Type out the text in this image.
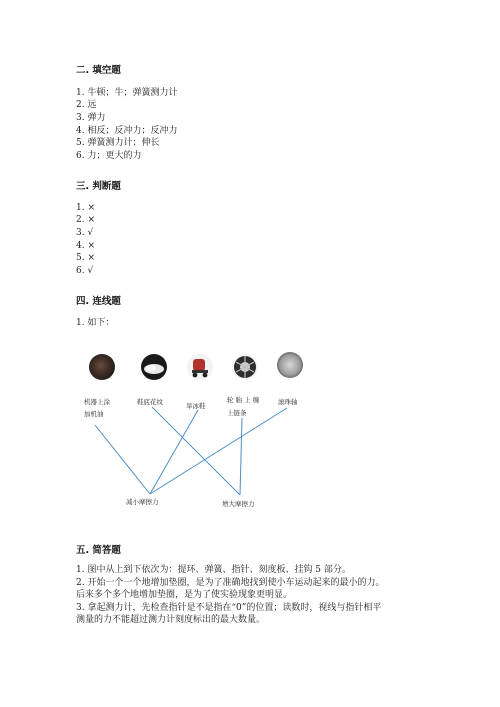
二. 填空题
1. 牛顿；牛；弹簧测力计
2. 远
3. 弹力
4. 相反；反冲力；反冲力
5. 弹簧测力计；伸长
6. 力；更大的力
三. 判断题
1. ×
2. ×
3. √
4. ×
5. ×
6. √
四. 连线题
1. 如下：
机器上涂
加机油
鞋底花纹	旱冰鞋
轮 胎 上 缠
上链条
滚珠轴
减小摩擦力	增大摩擦力
五. 简答题
1. 图中从上到下依次为：提环、弹簧、指针、刻度板、挂钩 5 部分。
2. 开始一个一个地增加垫圈，是为了准确地找到使小车运动起来的最小的力。
后来多个多个地增加垫圈，是为了使实验现象更明显。
3. 拿起测力计，先检查指针是不是指在“0”的位置；读数时，视线与指针相平
测量的力不能超过测力计刻度标出的最大数量。
